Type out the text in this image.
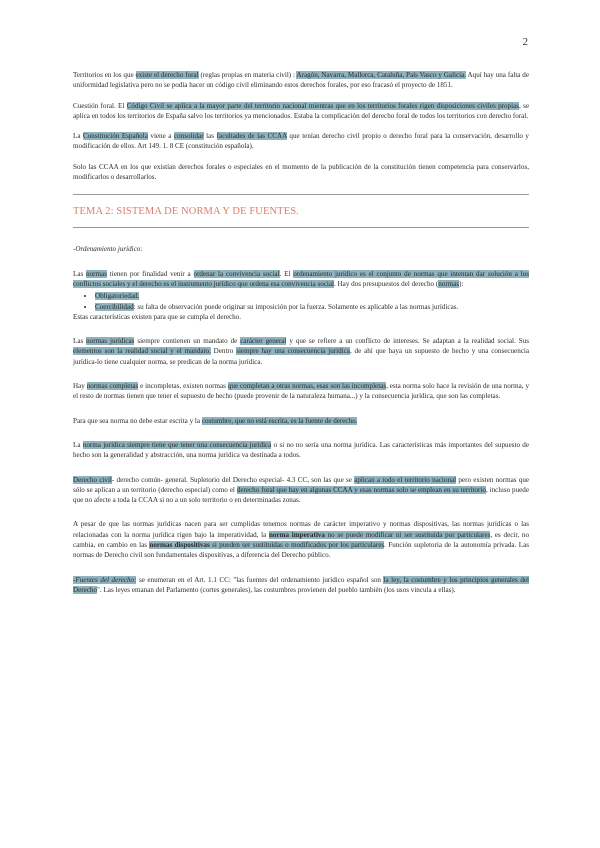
2

Territorios en los que existe el derecho foral (reglas propias en materia civil) : Aragón, Navarra, Mallorca, Cataluña, País Vasco y Galicia. Aquí hay una falta de uniformidad legislativa pero no se podía hacer un código civil eliminando estos derechos forales, por eso fracasó el proyecto de 1851.

Cuestión foral. El Código Civil se aplica a la mayor parte del territorio nacional mientras que en los territorios forales rigen disposiciones civiles propias, se aplica en todos los territorios de España salvo los territorios ya mencionados. Estaba la complicación del derecho foral de todos los territorios con derecho foral.

La Constitución Española viene a consolidar las facultades de las CCAA que tenían derecho civil propio o derecho foral para la conservación, desarrollo y modificación de ellos. Art 149. 1. 8 CE (constitución española).

Solo las CCAA en los que existían derechos forales o especiales en el momento de la publicación de la constitución tienen competencia para conservarlos, modificarlos o desarrollarlos.

TEMA 2: SISTEMA DE NORMA Y DE FUENTES.

-Ordenamiento jurídico:

Las normas tienen por finalidad venir a ordenar la convivencia social. El ordenamiento jurídico es el conjunto de normas que intentan dar solución a los conflictos sociales y el derecho es el instrumento jurídico que ordena esa convivencia social. Hay dos presupuestos del derecho (normas):

• Obligatoriedad.
• Coercibilidad: su falta de observación puede originar su imposición por la fuerza. Solamente es aplicable a las normas jurídicas.

Estas características existen para que se cumpla el derecho.

Las normas jurídicas siempre contienen un mandato de carácter general y que se refiere a un conflicto de intereses. Se adaptan a la realidad social. Sus elementos son la realidad social y el mandato. Dentro siempre hay una consecuencia jurídica, de ahí que haya un supuesto de hecho y una consecuencia jurídica-lo tiene cualquier norma, se predican de la norma jurídica.

Hay normas completas e incompletas, existen normas que completan a otras normas, esas son las incompletas, esta norma solo hace la revisión de una norma, y el resto de normas tienen que tener el supuesto de hecho (puede provenir de la naturaleza humana...) y la consecuencia jurídica, que son las completas.

Para que sea norma no debe estar escrita y la costumbre, que no está escrita, es la fuente de derecho.

La norma jurídica siempre tiene que tener una consecuencia jurídica o si no no sería una norma jurídica. Las características más importantes del supuesto de hecho son la generalidad y abstracción, una norma jurídica va destinada a todos.

Derecho civil- derecho común- general. Supletorio del Derecho especial- 4.3 CC, son las que se aplican a todo el territorio nacional pero existen normas que sólo se aplican a un territorio (derecho especial) como el derecho foral que hay en algunas CCAA y esas normas solo se emplean en su territorio, incluso puede que no afecte a toda la CCAA si no a un solo territorio o en determinadas zonas.

A pesar de que las normas jurídicas nacen para ser cumplidas tenemos normas de carácter imperativo y normas dispositivas, las normas jurídicas o las relacionadas con la norma jurídica rigen bajo la imperatividad, la norma imperativa no se puede modificar ni ser sustituida por particulares, es decir, no cambia, en cambio en las normas dispositivas si pueden ser sustituidas o modificados por los particulares. Función supletoria de la autonomía privada. Las normas de Derecho civil son fundamentales dispositivas, a diferencia del Derecho público.

-Fuentes del derecho: se enumeran en el Art. 1.1 CC: "las fuentes del ordenamiento jurídico español son la ley, la costumbre y los principios generales del Derecho". Las leyes emanan del Parlamento (cortes generales), las costumbres provienen del pueblo también (los usos vincula a ellas).
